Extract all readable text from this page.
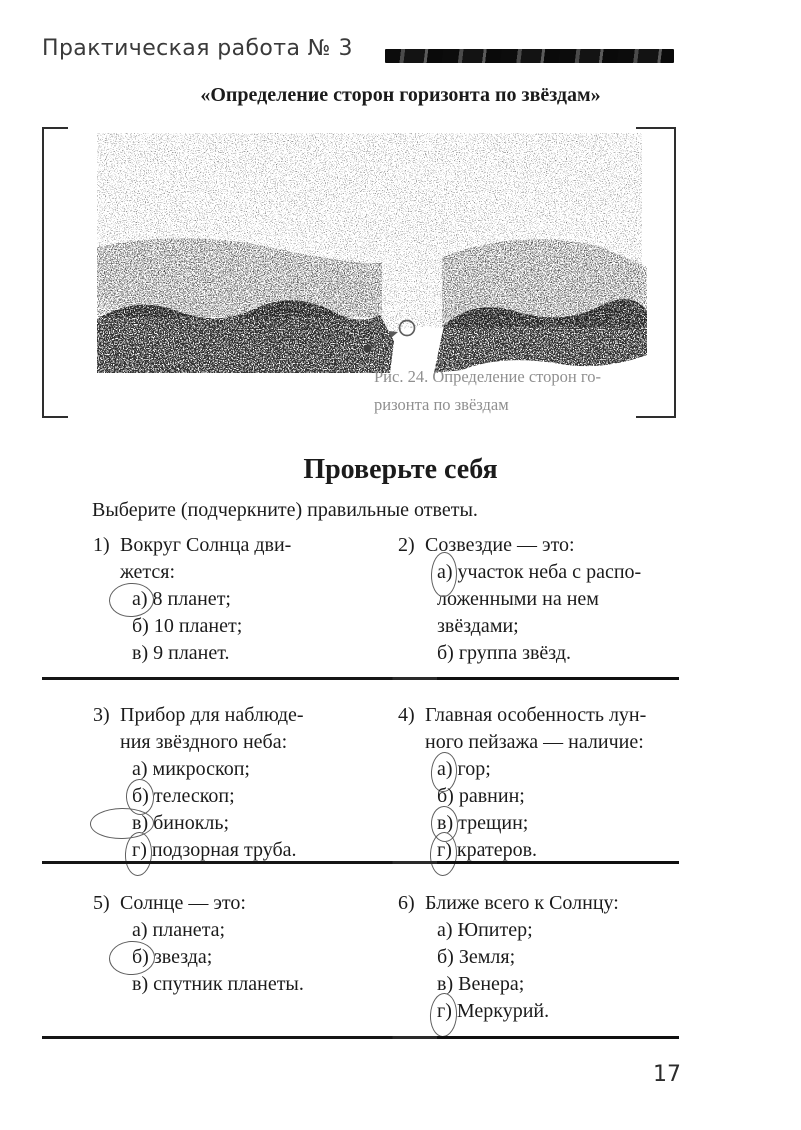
Практическая работа № 3
«Определение сторон горизонта по звёздам»
Г
Рис. 24. Определение сторон го-
ризонта по звёздам
Проверьте себя
Выберите (подчеркните) правильные ответы.
1) Вокруг Солнца дви-
жется:
а) 8 планет;
б) 10 планет;
в) 9 планет.
2) Созвездие — это:
а) участок неба с распо-
ложенными на нем
звёздами;
б) группа звёзд.
3) Прибор для наблюде-
ния звёздного неба:
а) микроскоп;
б) телескоп;
в) бинокль;
г) подзорная труба.
4) Главная особенность лун-
ного пейзажа — наличие:
а) гор;
б) равнин;
в) трещин;
г) кратеров.
5) Солнце — это:
а) планета;
б) звезда;
в) спутник планеты.
6) Ближе всего к Солнцу:
а) Юпитер;
б) Земля;
в) Венера;
г) Меркурий.
17
